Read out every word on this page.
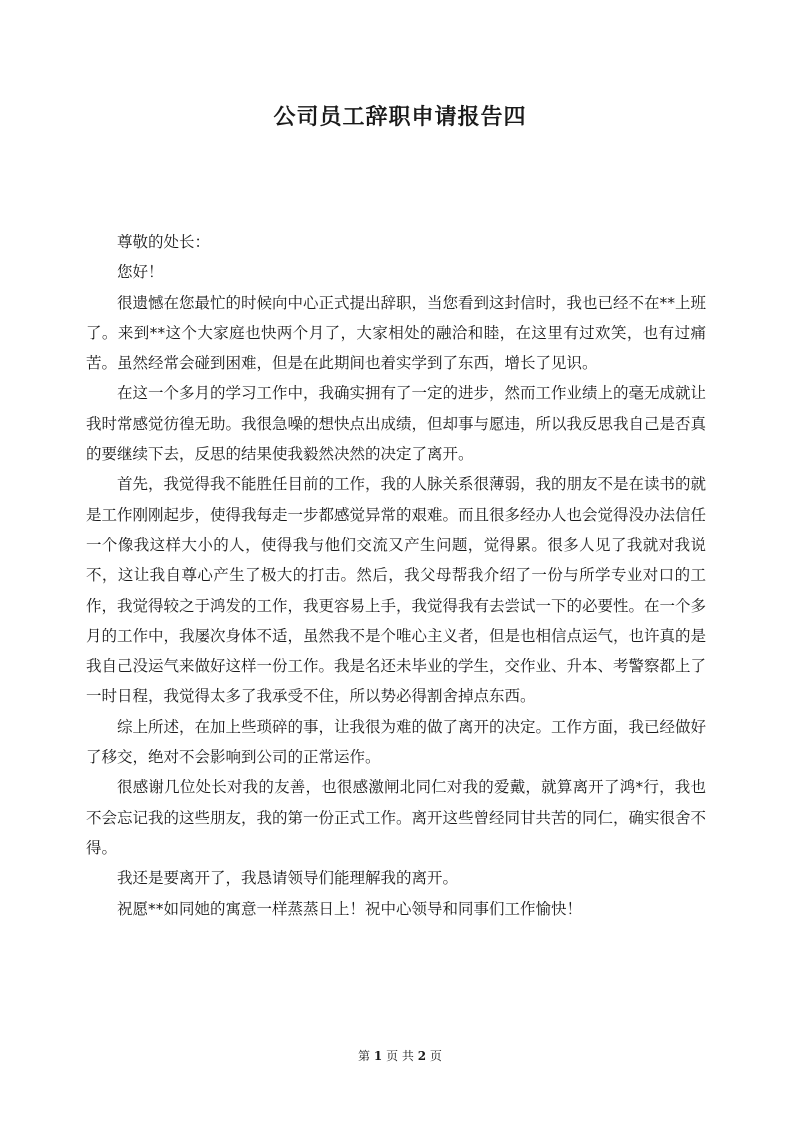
公司员工辞职申请报告四

尊敬的处长：

您好！

很遗憾在您最忙的时候向中心正式提出辞职，当您看到这封信时，我也已经不在**上班了。来到**这个大家庭也快两个月了，大家相处的融洽和睦，在这里有过欢笑，也有过痛苦。虽然经常会碰到困难，但是在此期间也着实学到了东西，增长了见识。

在这一个多月的学习工作中，我确实拥有了一定的进步，然而工作业绩上的毫无成就让我时常感觉彷徨无助。我很急噪的想快点出成绩，但却事与愿违，所以我反思我自己是否真的要继续下去，反思的结果使我毅然决然的决定了离开。

首先，我觉得我不能胜任目前的工作，我的人脉关系很薄弱，我的朋友不是在读书的就是工作刚刚起步，使得我每走一步都感觉异常的艰难。而且很多经办人也会觉得没办法信任一个像我这样大小的人，使得我与他们交流又产生问题，觉得累。很多人见了我就对我说不，这让我自尊心产生了极大的打击。然后，我父母帮我介绍了一份与所学专业对口的工作，我觉得较之于鸿发的工作，我更容易上手，我觉得我有去尝试一下的必要性。在一个多月的工作中，我屡次身体不适，虽然我不是个唯心主义者，但是也相信点运气，也许真的是我自己没运气来做好这样一份工作。我是名还未毕业的学生，交作业、升本、考警察都上了一时日程，我觉得太多了我承受不住，所以势必得割舍掉点东西。

综上所述，在加上些琐碎的事，让我很为难的做了离开的决定。工作方面，我已经做好了移交，绝对不会影响到公司的正常运作。

很感谢几位处长对我的友善，也很感激闸北同仁对我的爱戴，就算离开了鸿*行，我也不会忘记我的这些朋友，我的第一份正式工作。离开这些曾经同甘共苦的同仁，确实很舍不得。

我还是要离开了，我恳请领导们能理解我的离开。

祝愿**如同她的寓意一样蒸蒸日上！祝中心领导和同事们工作愉快！

第 1 页 共 2 页
